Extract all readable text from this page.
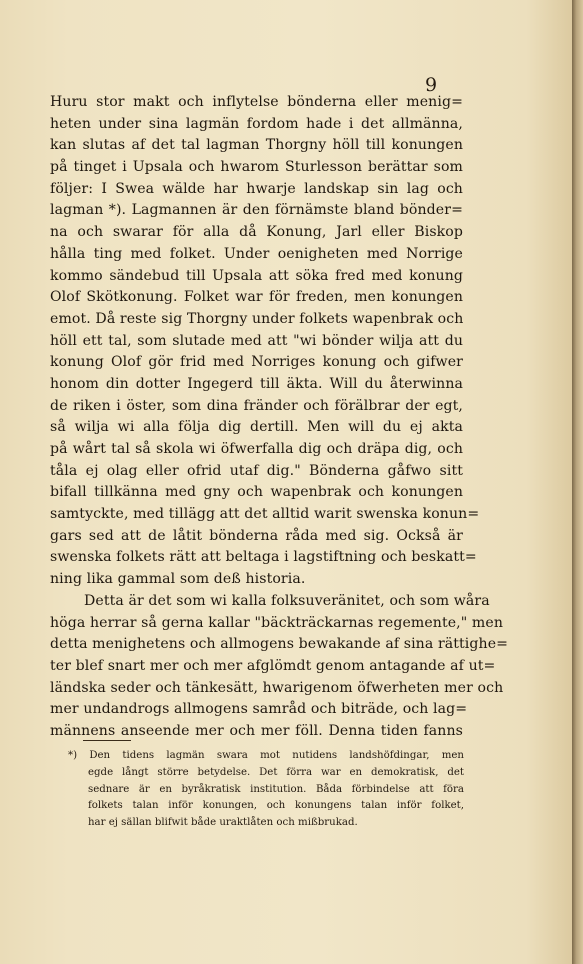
9
Huru stor makt och inflytelse bönderna eller menig=
heten under sina lagmän fordom hade i det allmänna,
kan slutas af det tal lagman Thorgny höll till konungen
på tinget i Upsala och hwarom Sturlesson berättar som
följer: I Swea wälde har hwarje landskap sin lag och
lagman *). Lagmannen är den förnämste bland bönder=
na och swarar för alla då Konung, Jarl eller Biskop
hålla ting med folket. Under oenigheten med Norrige
kommo sändebud till Upsala att söka fred med konung
Olof Skötkonung. Folket war för freden, men konungen
emot. Då reste sig Thorgny under folkets wapenbrak och
höll ett tal, som slutade med att "wi bönder wilja att du
konung Olof gör frid med Norriges konung och gifwer
honom din dotter Ingegerd till äkta. Will du återwinna
de riken i öster, som dina fränder och förälbrar der egt,
så wilja wi alla följa dig dertill. Men will du ej akta
på wårt tal så skola wi öfwerfalla dig och dräpa dig, och
tåla ej olag eller ofrid utaf dig." Bönderna gåfwo sitt
bifall tillkänna med gny och wapenbrak och konungen
samtyckte, med tillägg att det alltid warit swenska konun=
gars sed att de låtit bönderna råda med sig. Också är
swenska folkets rätt att beltaga i lagstiftning och beskatt=
ning lika gammal som deß historia.
Detta är det som wi kalla folksuveränitet, och som wåra
höga herrar så gerna kallar "bäckträckarnas regemente," men
detta menighetens och allmogens bewakande af sina rättighe=
ter blef snart mer och mer afglömdt genom antagande af ut=
ländska seder och tänkesätt, hwarigenom öfwerheten mer och
mer undandrogs allmogens samråd och biträde, och lag=
männens anseende mer och mer föll. Denna tiden fanns
*) Den tidens lagmän swara mot nutidens landshöfdingar, men
egde långt större betydelse. Det förra war en demokratisk, det
sednare är en byråkratisk institution. Båda förbindelse att föra
folkets talan inför konungen, och konungens talan inför folket,
har ej sällan blifwit både uraktlåten och mißbrukad.
